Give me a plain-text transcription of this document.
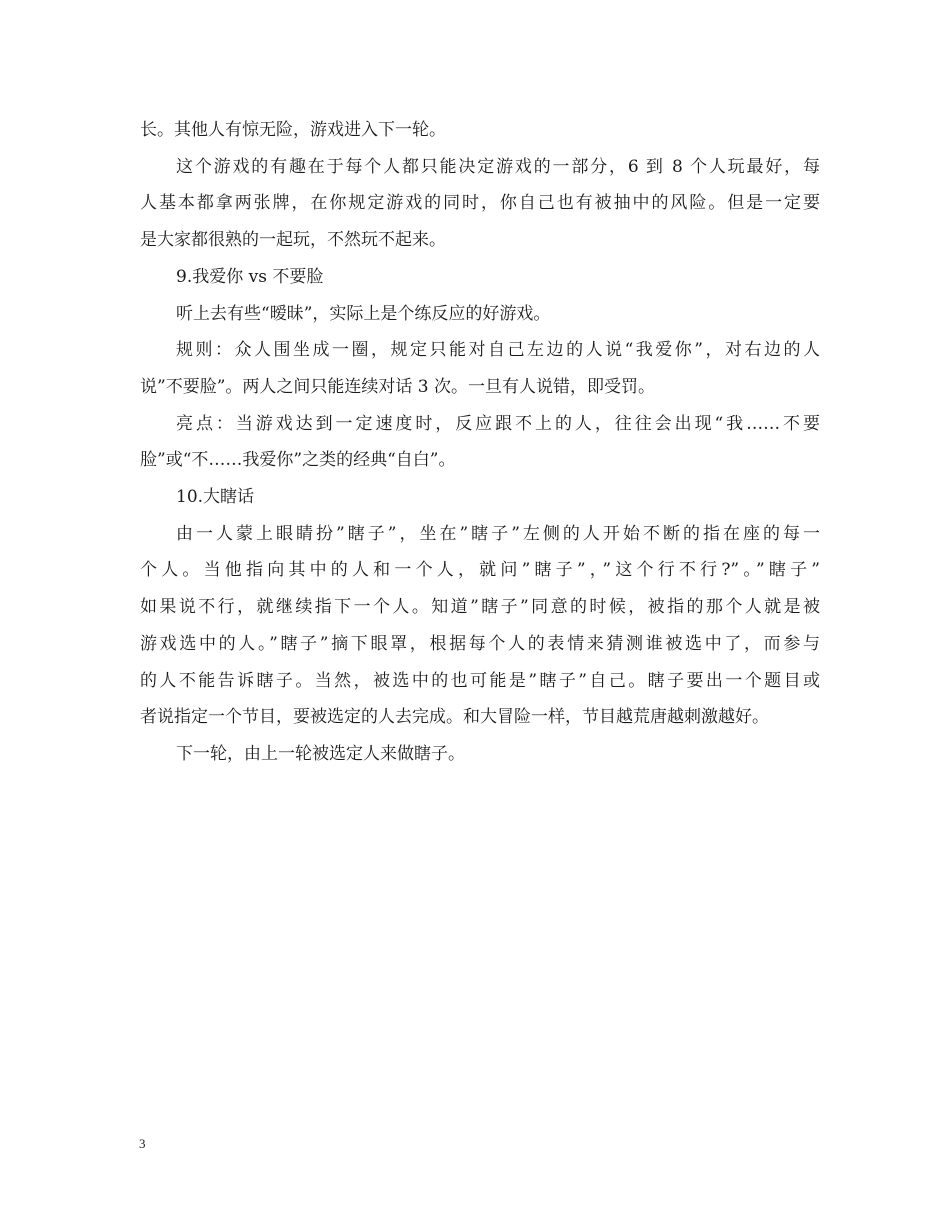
长。其他人有惊无险，游戏进入下一轮。

这个游戏的有趣在于每个人都只能决定游戏的一部分，6 到 8 个人玩最好，每

人基本都拿两张牌，在你规定游戏的同时，你自己也有被抽中的风险。但是一定要

是大家都很熟的一起玩，不然玩不起来。

9.我爱你 vs 不要脸

听上去有些“暧昧”，实际上是个练反应的好游戏。

规则：众人围坐成一圈，规定只能对自己左边的人说“我爱你”，对右边的人

说”不要脸”。两人之间只能连续对话 3 次。一旦有人说错，即受罚。

亮点：当游戏达到一定速度时，反应跟不上的人，往往会出现“我……不要

脸”或“不……我爱你”之类的经典“自白”。

10.大瞎话

由一人蒙上眼睛扮”瞎子”，坐在”瞎子”左侧的人开始不断的指在座的每一

个人。当他指向其中的人和一个人，就问”瞎子”，”这个行不行?”。”瞎子”

如果说不行，就继续指下一个人。知道”瞎子”同意的时候，被指的那个人就是被

游戏选中的人。”瞎子”摘下眼罩，根据每个人的表情来猜测谁被选中了，而参与

的人不能告诉瞎子。当然，被选中的也可能是”瞎子”自己。瞎子要出一个题目或

者说指定一个节目，要被选定的人去完成。和大冒险一样，节目越荒唐越刺激越好。

下一轮，由上一轮被选定人来做瞎子。

3
